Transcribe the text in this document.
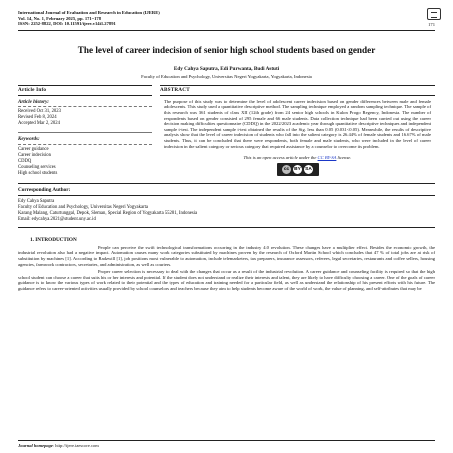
International Journal of Evaluation and Research in Education (IJERE)
Vol. 14, No. 1, February 2025, pp. 171~178
ISSN: 2252-8822, DOI: 10.11591/ijere.v14i1.27891	171
The level of career indecision of senior high school students based on gender
Edy Cahya Saputra, Edi Purwanta, Budi Astuti
Faculty of Education and Psychology, Universitas Negeri Yogyakarta, Yogyakarta, Indonesia
Article Info
Article history:
Received Oct 31, 2023
Revised Feb 8, 2024
Accepted Mar 2, 2024
Keywords:
Career guidance
Career indecision
CDDQ
Counseling services
High school students
ABSTRACT
The purpose of this study was to determine the level of adolescent career indecision based on gender differences between male and female adolescents. This study used a quantitative descriptive method. The sampling technique employed a random sampling technique. The sample of this research was 361 students of class XII (12th grade) from 24 senior high schools in Kulon Progo Regency, Indonesia. The number of respondents based on gender consisted of 295 female and 66 male students. Data collection technique had been carried out using the career decision making difficulties questionnaire (CDDQ) in the 2022/2023 academic year through quantitative descriptive techniques and independent sample t-test. The independent sample t-test obtained the results of the Sig. less than 0.05 (0.031<0.05). Meanwhile, the results of descriptive analysis show that the level of career indecision of students who fall into the salient category is 26.44% of female students and 16.67% of male students. Thus, it can be concluded that there were respondents, both female and male students, who were included in the level of career indecision in the salient category or serious category that required assistance by a counselor to overcome its problem.
This is an open access article under the CC BY-SA license.
cc	BY SA
Corresponding Author:
Edy Cahya Saputra
Faculty of Education and Psychology, Universitas Negeri Yogyakarta
Karang Malang, Caturtunggal, Depok, Sleman, Special Region of Yogyakarta 55281, Indonesia
Email: edycahya.2021@student.uny.ac.id
1. INTRODUCTION
People can perceive the swift technological transformations occurring in the industry 4.0 revolution. These changes have a multiplier effect. Besides the economic growth, the industrial revolution also had a negative impact. Automation causes many work categories substituted by machines proven by the research of Oxford Martin School which concludes that 47 % of total jobs are at risk of substitution by machines [1]. According to Radzwill [1], job positions most vulnerable to automation, include telemarketers, tax preparers, insurance assessors, referees, legal secretaries, restaurants and coffee sellers, housing agencies, farmwork contractors, secretaries, and administration, as well as couriers.
Proper career selection is necessary to deal with the changes that occur as a result of the industrial revolution. A career guidance and counseling facility is required so that the high school student can choose a career that suits his or her interests and potential. If the student does not understand or realize their interests and talent, they are likely to have difficulty choosing a career. One of the goals of career guidance is to know the various types of work related to their potential and the types of education and training needed for a particular field, as well as understand the relationship of his present efforts with his future. The guidance refers to career-oriented activities usually provided by school counselors and teachers because they aim to help students become aware of the world of work, the value of planning, and self-attributes that may be
Journal homepage: http://ijere.iaescore.com
